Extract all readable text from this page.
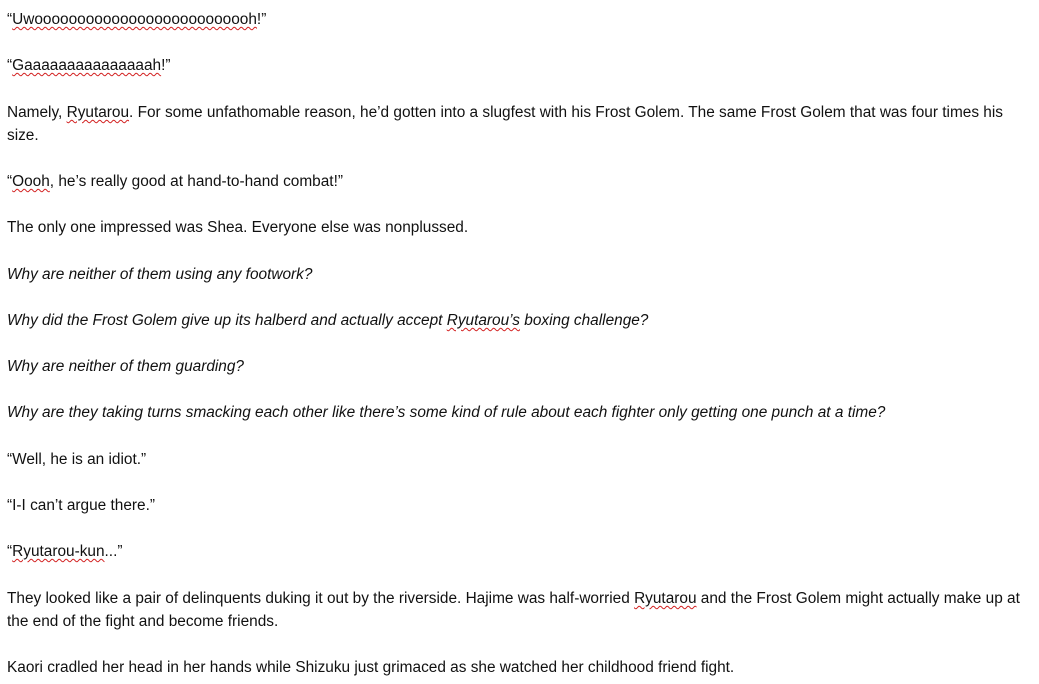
“Uwoooooooooooooooooooooooooh!”

“Gaaaaaaaaaaaaaaah!”

Namely, Ryutarou. For some unfathomable reason, he’d gotten into a slugfest with his Frost Golem. The same Frost Golem that was four times his size.

“Oooh, he’s really good at hand-to-hand combat!”

The only one impressed was Shea. Everyone else was nonplussed.

Why are neither of them using any footwork?

Why did the Frost Golem give up its halberd and actually accept Ryutarou’s boxing challenge?

Why are neither of them guarding?

Why are they taking turns smacking each other like there’s some kind of rule about each fighter only getting one punch at a time?

“Well, he is an idiot.”

“I-I can’t argue there.”

“Ryutarou-kun...”

They looked like a pair of delinquents duking it out by the riverside. Hajime was half-worried Ryutarou and the Frost Golem might actually make up at the end of the fight and become friends.

Kaori cradled her head in her hands while Shizuku just grimaced as she watched her childhood friend fight.
